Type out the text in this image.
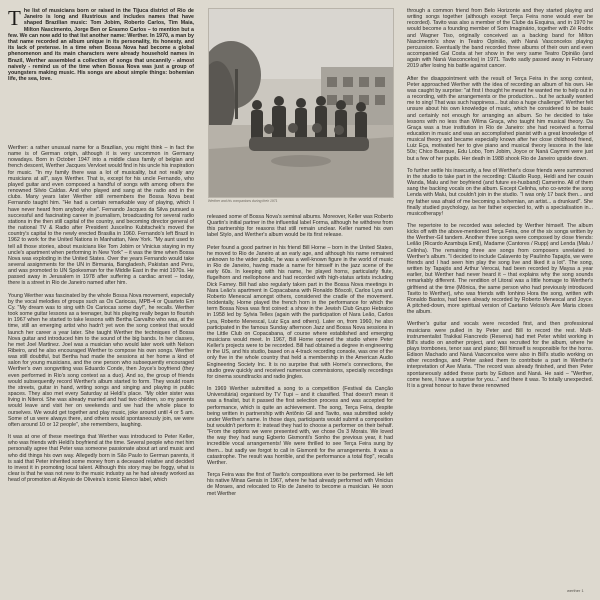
The list of musicians born or raised in the Tijuca district of Rio de Janeiro is long and illustrious and includes names that have shaped Brazilian music: Tom Jobim, Roberto Carlos, Tim Maia, Milton Nascimento, Jorge Ben or Erasmo Carlos – to mention but a few. We can now add to that list another name: Werther. In 1970, a man by that name recorded an album unique in its personality, its honesty, and its lack of pretense. In a time when Bossa Nova had become a global phenomenon and its main characters were already household names in Brazil, Werther assembled a collection of songs that uncannily - almost naively - remind us of the time when Bossa Nova was just a group of youngsters making music. His songs are about simple things: bohemian life, the sea, love.

Werther: a rather unusual name for a Brazilian, you might think – in fact the name is of German origin, although it is very uncommon in Germany nowadays. Born in October 1947 into a middle class family of belgian and french descent, Werther Jacques Vervloet would find in his uncle his inspiration for music. "In my family there was a lot of musicality, but not really any musicians at all", says Werther. That is, except for his uncle Fernando, who played guitar and even composed a handful of songs with among others the renowned Silvio Caldas. And who played and sang at the radio and in the clubs. Many years later Werther still remembers the Bossa Nova beat Fernando taught him. "He had a certain remarkable way of playing, which I have never heard from anybody else". Fernando Jacques da Silva pursued a successful and fascinating career in journalism, broadcasting for several radio stations in the then still capital of the country, and becoming director general of the national TV & Radio after President Juscelino Kubitschek's moved the country's capital to the newly erected Brasilia in 1960. Fernando's left Brazil in 1962 to work for the United Nations in Manhattan, New York. "My aunt used to tell all those stories, about musicians like Tom Jobim or Vinicius staying in my uncle's apartment when performing in New York" – it was the time when Bossa Nova was exploding in the United States. Over the years Fernando would take several assignments for the UN in Birmania, Bangladesh, Pakistan and Peru, and was promoted to UN Spokesman for the Middle East in the mid 1970s. He passed away in Jerusalem in 1978 after suffering a cardiac arrest – today, there is a street in Rio de Janeiro named after him.

Young Werther was fascinated by the whole Bossa Nova movement, especially by the vocal melodies of groups such as Os Cariocas, MPB-4 or Quarteto Em Cy. "My dream was to sing with Os Cariocas some day!", he recalls. Werther took some guitar lessons as a teenager, but his playing really began to flourish in 1967 when he started to take lessons with Bertha Carvalho who was, at the time, still an emerging artist who hadn't yet won the song contest that would launch her career a year later. She taught Werther the techniques of Bossa Nova guitar and introduced him to the sound of the big bands. In her classes, he met Joel Martinez. Joel was a musician who would later work with Nelson Ribeiro, and he also encouraged Werther to compose his own songs. Werther was still doubtful, but Bertha had made the sessions at her home a kind of salon for young musicians, and the one person who subsequently encouraged Werther's own songwriting was Eduardo Conde, then Joyce's boyfriend (they even performed in Rio's song contest as a duo). And so, the group of friends would subsequently record Werther's album started to form. They would roam the streets, guitar in hand, writing songs and singing and playing in public spaces. They also met every Saturday at Heldi's place. "My older sister was living in Niteroi. She was already married and had two children, so my parents would leave and visit her on weekends and we had the whole place to ourselves. We would get together and play music, joke around until 4 or 5 am. Some of us were always there, and others would spontaneously join, we were often around 10 or 12 people", she remembers, laughing.

It was at one of these meetings that Werther was introduced to Peter Keller, who was friends with Heldi's boyfriend at the time. Several people who met him personally agree that Peter was someone passionate about art and music and who did things his own way. Allegedly born in São Paulo to German parents, it is said that Peter inherited some money from a deceased relative and decided to invest it in promoting local talent. Although this story may be foggy, what is clear is that he was not new to the music industry as he had already worked as head of promotion at Aloysio de Oliveira's iconic Elenco label, which

Werther and his companions during their 1971

released some of Bossa Nova's seminal albums. Moreover, Keller was Roberto Quartin's initial partner in the influential label Forma, although he withdrew from this partnership for reasons that still remain unclear. Keller named his own label Stylo, and Werther's album would be its first release.

Peter found a good partner in his friend Bill Horne – born in the United States, he moved to Rio de Janeiro at an early age, and although his name remained unknown to the wider public, he was a well-known figure in the world of music in Rio de Janeiro, having made a name for himself in the jazz scene of the early 60s. In keeping with his name, he played horns, particularly flute, flugelhorn and mellophone and had recorded with high-status artists including Dick Farney. Bill had also regularly taken part in the Bossa Nova meetings in Nara Leão's apartment in Copacabana with Ronaldo Bôscoli, Carlos Lyra and Roberto Menescal amongst others, considered the cradle of the movement. Incidentally, Horne played the french horn in the performance for which the term Bossa Nova was first coined: a show in the Jewish Club Grupo Hebraico in 1958 led by Sylvia Telles (again with the participation of Nara Leão, Carlos Lyra, Roberto Menescal, Luiz Eça and others). Later on, from 1960, he also participated in the famous Sunday afternoon Jazz and Bossa Nova sessions in the Little Club on Copacabana, of course where established and emerging musicians would meet. In 1967, Bill Horne opened the studio where Peter Keller's projects were to be recorded. Bill had obtained a degree in engineering in the US, and his studio, based on a 4-track recording console, was one of the only five in the whole country that held a membership in the American Audio Engineering Society Inc. It is no surprise that with Horne's connections, the studio grew quickly and received numerous commissions, specially recordings for cinema soundtracks and radio jingles.

In 1969 Werther submitted a song to a competition (Festival da Canção Universitária) organised by TV Tupi – and it classified. That doesn't mean it was a finalist, but it passed the first selection process and was accepted for performance, which is quite an achievement. The song, Terça Feira, despite being written in partnership with Antônio Gil and Tavito, was submitted solely under Werther's name. In those days, participants would submit a composition but wouldn't perform it: instead they had to choose a performer on their behalf. "From the options we were presented with, we chose Os 3 Morais. We loved the way they had sung Egberto Gismonti's Sonho the previous year, it had incredible vocal arrangements! We were thrilled to see Terça Feira sung by them... but sadly we forgot to call in Gismonti for the arrangements. It was a catastrophe. The result was horrible, and the performance a total flop", recalls Werther.

Terça Feira was the first of Tavito's compositions ever to be performed. He left his native Minas Gerais in 1967, where he had already performed with Vinicius de Moraes, and relocated to Rio de Janeiro to become a musician. He soon met Werther

through a common friend from Belo Horizonte and they started playing and writing songs together (although except Terça Feira none would ever be recorded). Tavito was also a member of the Clube da Esquina, and in 1970 he would become a founding member of Som Imaginário, together with Zé Rodrix and Wagner Tiso, originally conceived as a backing band for Milton Nascimento's show in Teatro Opinião, with Naná Vasconcelos playing percussion. Eventually the band recorded three albums of their own and even accompanied Gal Costa at her show in the very same Teatro Opinião (and again with Naná Vasconcelos) in 1971. Tavito sadly passed away in February 2019 after losing his battle against cancer.

After the disappointment with the result of Terça Feira in the song contest, Peter approached Werther with the idea of recording an album of his own. He was caught by surprise: "at first I thought he meant he wanted me to help out in a recording, with the arrangements or the production... but he actually wanted me to sing! That was such happiness... but also a huge challenge". Werther felt unsure about his own knowledge of music, which he considered to be basic and certainly not enough for arranging an album. So he decided to take lessons with no less than Wilma Graça, who taught him musical theory. Da Graça was a true institution in Rio de Janeiro: she had received a formal education in music and was an accomplished pianist with a great knowledge of musical theory and became especially known after her close childhood friend, Luiz Eça, motivated her to give piano and musical theory lessons in the late 50s; Chico Buarque, Edu Lobo, Tom Jobim, Joyce or Naná Caymmi were just but a few of her pupils. Her death in 1988 shook Rio de Janeiro upside down.

To further settle his insecurity, a few of Werther's close friends were summoned in the studio to take part in the recording: Cláudio Ruop, Heldi and her cousin Wanda, Malu and her boyfriend (and future ex-husband) Camerino. All of them sang the backing vocals on the album. Except Celinha, who co-wrote the song Lenda with Malu, but couldn't join in the studio. "I was only 17 back then... and my father was afraid of me becoming a bohemian, an artist... a drunkard". She finally studied psychology, as her father expected to, with a specialisation in... musicotherapy!

The repertoire to be recorded was selected by Werther himself. The album kicks off with the above-mentioned Terça Feira, one of the six songs written by the Werther-Gil tandem. Another three songs were composed by close friends: Leilão (Ricardo Azambuja Emil), Madame (Cantores / Rupp) and Lenda (Malu / Celinha). The remaining three are songs from composers unrelated to Werther's album. "I decided to include Calavento by Paulinho Tapajós, we were friends and I had seen him play the song live and liked it a lot". The song, written by Tapajós and Arthur Verocai, had been recorded by Maysa a year earlier, but Werther had never heard it – that explains why the song sounds remarkably different. The rendition of Litoral was a little homage to Werther's girlfriend at the time (Mônica, the same person who had previously introduced Tavito to Werther), who was friends with Ionhino Hora the song, written with Ronaldo Bastos, had been already recorded by Roberto Menescal and Joyce. A pitched-down, more spiritual version of Caetano Veloso's Ave Maria closes the album.

Werther's guitar and vocals were recorded first, and then professional musicians were pulled in by Peter and Bill to record the rest. Multi-instrumentalist Trakikal Fiancredo (Reserva) had met Peter whilst working in Bill's studio on another project, and was recruited for the album, where he plays trombones, tenor sax and piano; Bill himself is responsible for the horns. Edison Machado and Naná Vasconcelos were also in Bill's studio working on other recordings, and Peter asked them to contribute a part in Werther's interpretation of Ave Maria. "The record was already finished, and then Peter spontaneously added these parts by Edison and Naná. He said – "Werther, come here, I have a surprise for you..." and there it was. To totally unexpected. It is a great honour to have these renowned

werther 1
